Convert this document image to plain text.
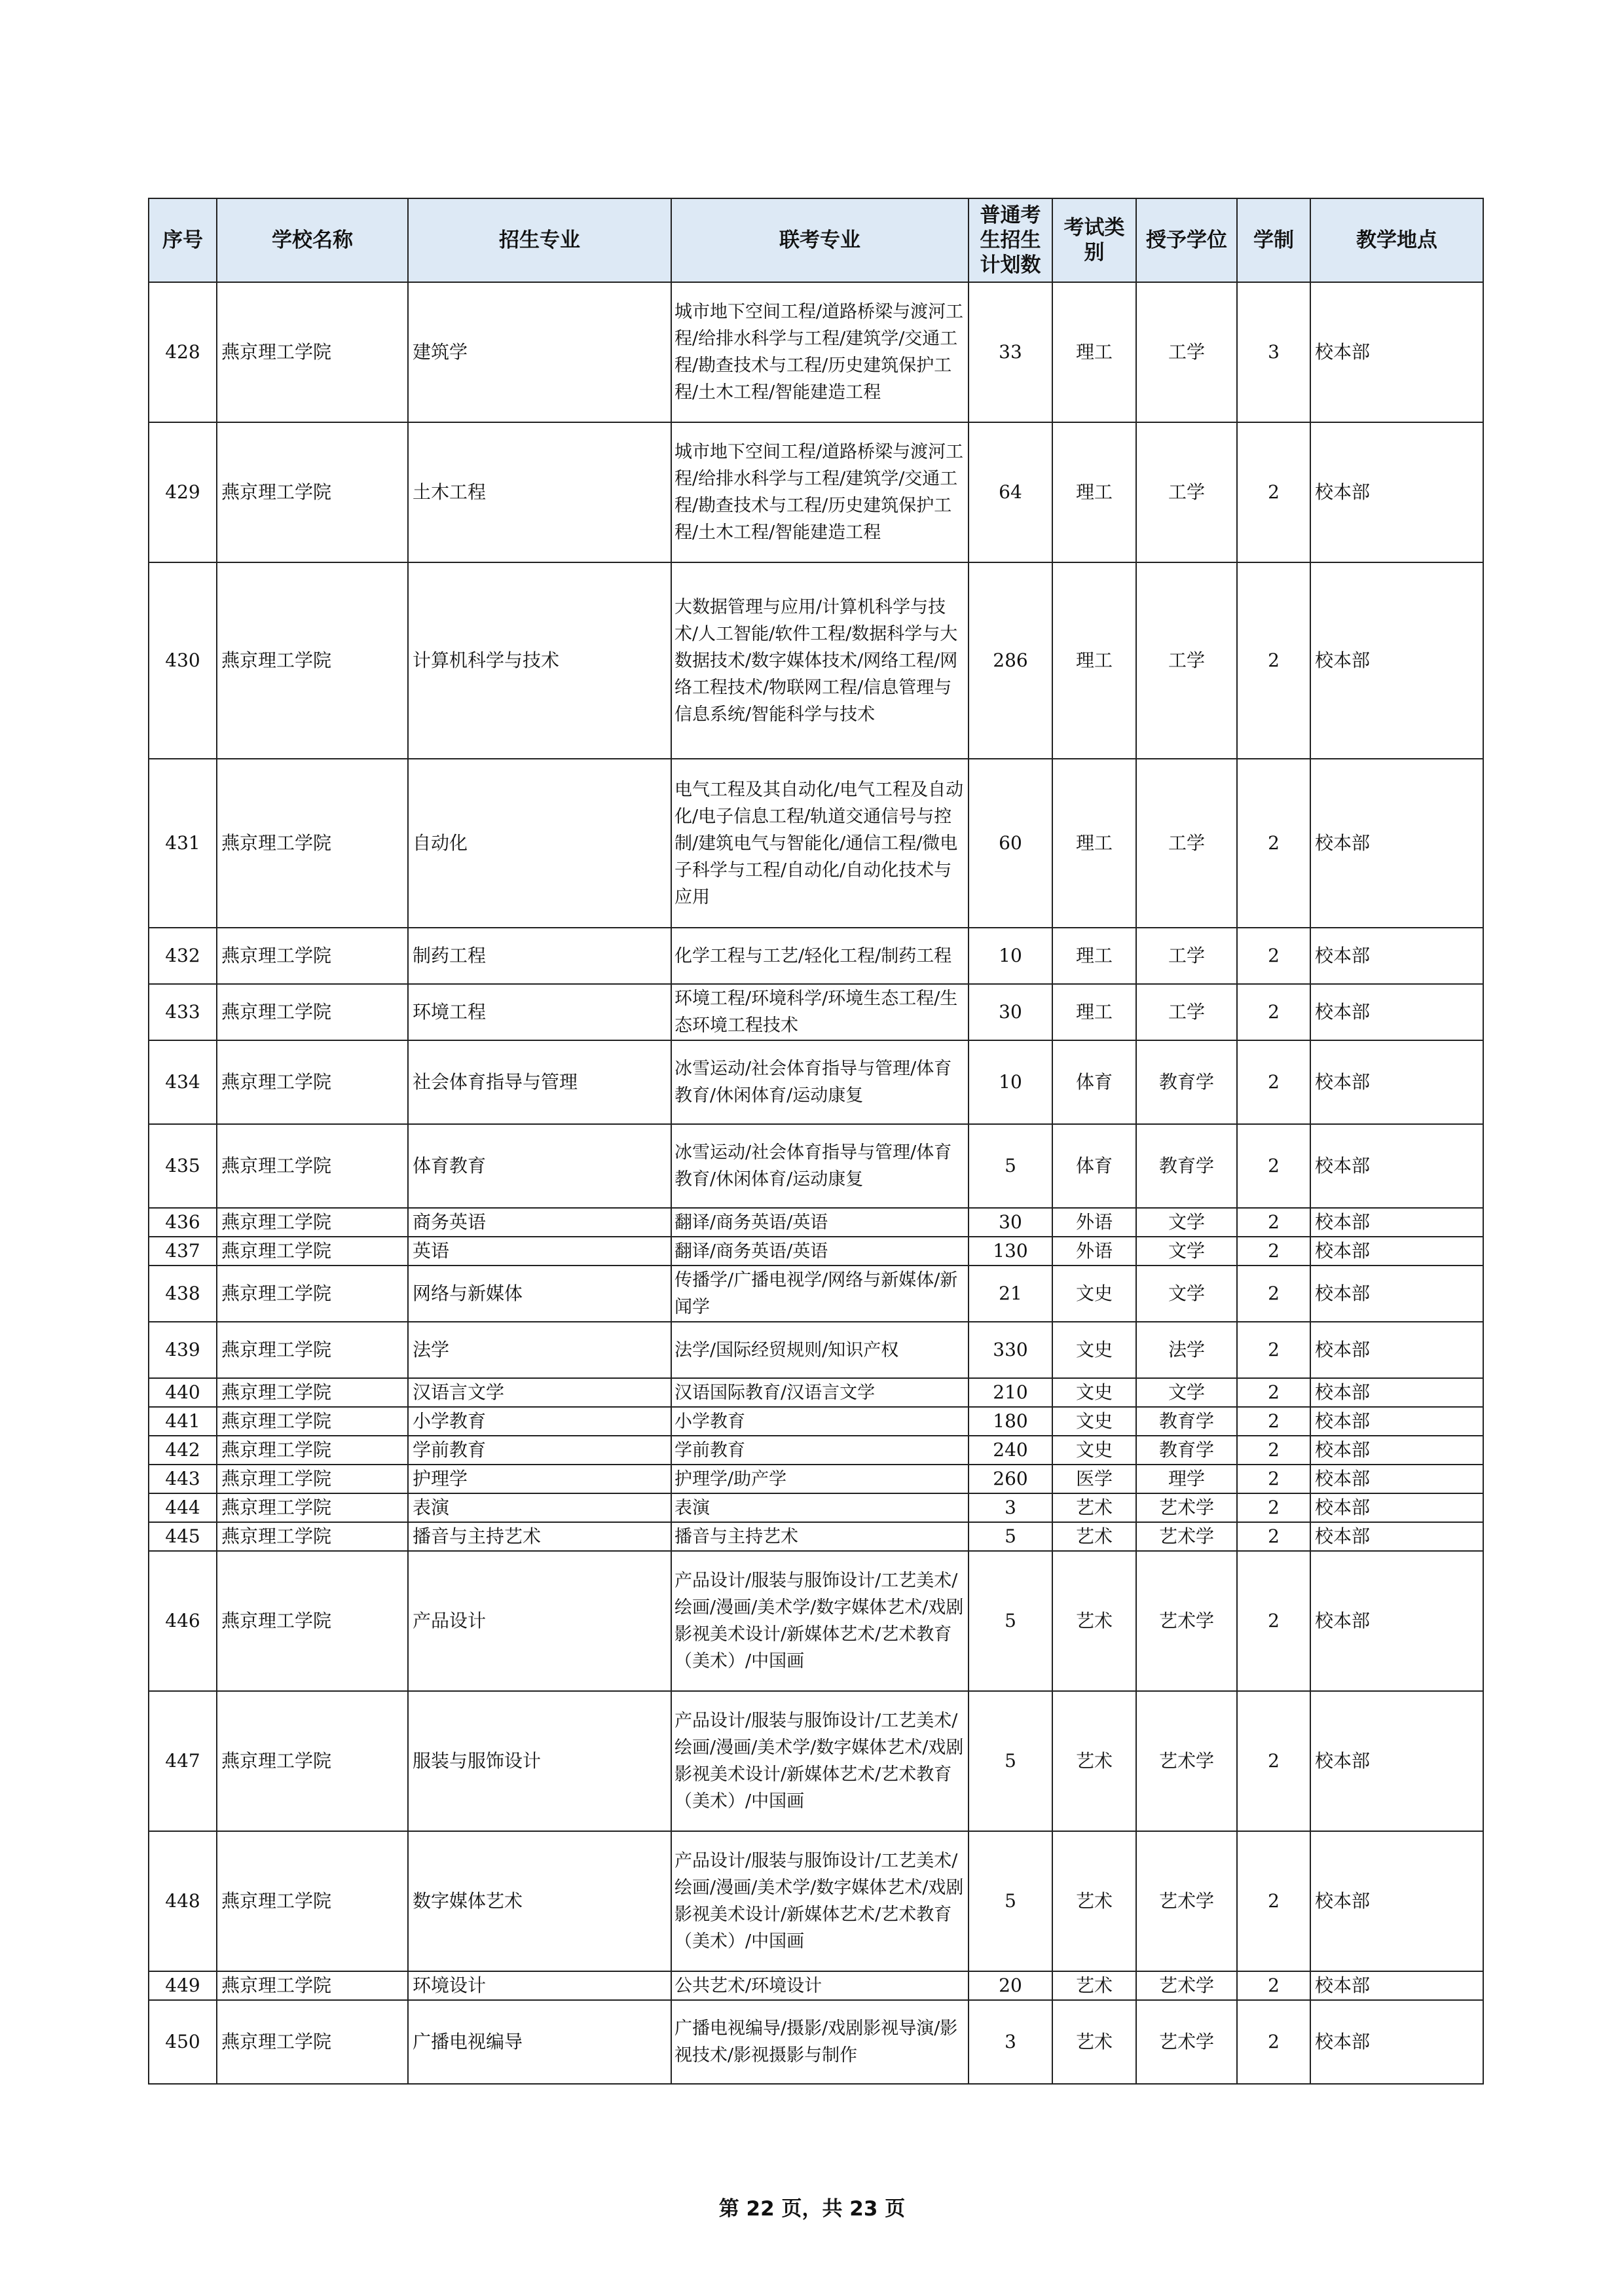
序号	学校名称	招生专业	联考专业	普通考生招生计划数	考试类别	授予学位	学制	教学地点
428	燕京理工学院	建筑学	城市地下空间工程/道路桥梁与渡河工程/给排水科学与工程/建筑学/交通工程/勘查技术与工程/历史建筑保护工程/土木工程/智能建造工程	33	理工	工学	3	校本部
429	燕京理工学院	土木工程	城市地下空间工程/道路桥梁与渡河工程/给排水科学与工程/建筑学/交通工程/勘查技术与工程/历史建筑保护工程/土木工程/智能建造工程	64	理工	工学	2	校本部
430	燕京理工学院	计算机科学与技术	大数据管理与应用/计算机科学与技术/人工智能/软件工程/数据科学与大数据技术/数字媒体技术/网络工程/网络工程技术/物联网工程/信息管理与信息系统/智能科学与技术	286	理工	工学	2	校本部
431	燕京理工学院	自动化	电气工程及其自动化/电气工程及自动化/电子信息工程/轨道交通信号与控制/建筑电气与智能化/通信工程/微电子科学与工程/自动化/自动化技术与应用	60	理工	工学	2	校本部
432	燕京理工学院	制药工程	化学工程与工艺/轻化工程/制药工程	10	理工	工学	2	校本部
433	燕京理工学院	环境工程	环境工程/环境科学/环境生态工程/生态环境工程技术	30	理工	工学	2	校本部
434	燕京理工学院	社会体育指导与管理	冰雪运动/社会体育指导与管理/体育教育/休闲体育/运动康复	10	体育	教育学	2	校本部
435	燕京理工学院	体育教育	冰雪运动/社会体育指导与管理/体育教育/休闲体育/运动康复	5	体育	教育学	2	校本部
436	燕京理工学院	商务英语	翻译/商务英语/英语	30	外语	文学	2	校本部
437	燕京理工学院	英语	翻译/商务英语/英语	130	外语	文学	2	校本部
438	燕京理工学院	网络与新媒体	传播学/广播电视学/网络与新媒体/新闻学	21	文史	文学	2	校本部
439	燕京理工学院	法学	法学/国际经贸规则/知识产权	330	文史	法学	2	校本部
440	燕京理工学院	汉语言文学	汉语国际教育/汉语言文学	210	文史	文学	2	校本部
441	燕京理工学院	小学教育	小学教育	180	文史	教育学	2	校本部
442	燕京理工学院	学前教育	学前教育	240	文史	教育学	2	校本部
443	燕京理工学院	护理学	护理学/助产学	260	医学	理学	2	校本部
444	燕京理工学院	表演	表演	3	艺术	艺术学	2	校本部
445	燕京理工学院	播音与主持艺术	播音与主持艺术	5	艺术	艺术学	2	校本部
446	燕京理工学院	产品设计	产品设计/服装与服饰设计/工艺美术/绘画/漫画/美术学/数字媒体艺术/戏剧影视美术设计/新媒体艺术/艺术教育（美术）/中国画	5	艺术	艺术学	2	校本部
447	燕京理工学院	服装与服饰设计	产品设计/服装与服饰设计/工艺美术/绘画/漫画/美术学/数字媒体艺术/戏剧影视美术设计/新媒体艺术/艺术教育（美术）/中国画	5	艺术	艺术学	2	校本部
448	燕京理工学院	数字媒体艺术	产品设计/服装与服饰设计/工艺美术/绘画/漫画/美术学/数字媒体艺术/戏剧影视美术设计/新媒体艺术/艺术教育（美术）/中国画	5	艺术	艺术学	2	校本部
449	燕京理工学院	环境设计	公共艺术/环境设计	20	艺术	艺术学	2	校本部
450	燕京理工学院	广播电视编导	广播电视编导/摄影/戏剧影视导演/影视技术/影视摄影与制作	3	艺术	艺术学	2	校本部
第 22 页，共 23 页
